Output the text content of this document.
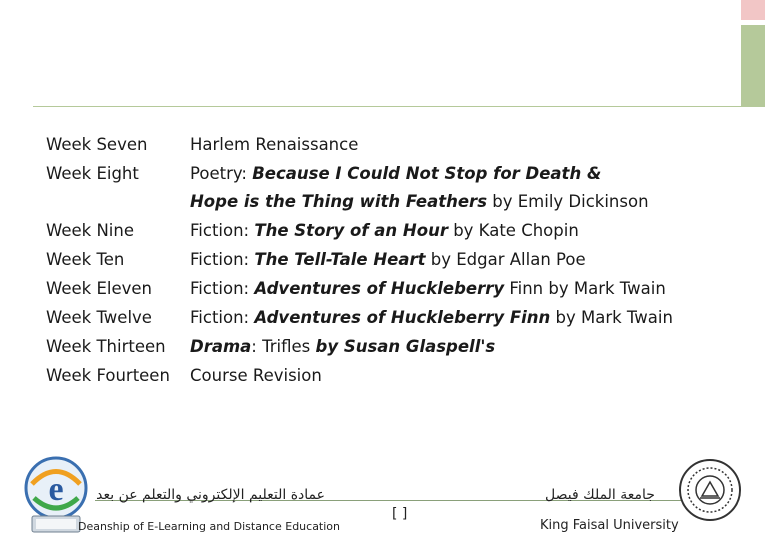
Week Seven	Harlem Renaissance
Week Eight	Poetry: Because I Could Not Stop for Death &
Hope is the Thing with Feathers by Emily Dickinson
Week Nine	Fiction: The Story of an Hour by Kate Chopin
Week Ten	Fiction: The Tell-Tale Heart by Edgar Allan Poe
Week Eleven Fiction: Adventures of Huckleberry Finn by Mark Twain
Week Twelve Fiction: Adventures of Huckleberry Finn by Mark Twain
Week Thirteen Drama: Trifles by Susan Glaspell's
Week Fourteen Course Revision
e عمادة التعليم الإلكتروني والتعلم عن بعد
Deanship of E-Learning and Distance Education
[ ]
جامعة الملك فيصل
King Faisal University
